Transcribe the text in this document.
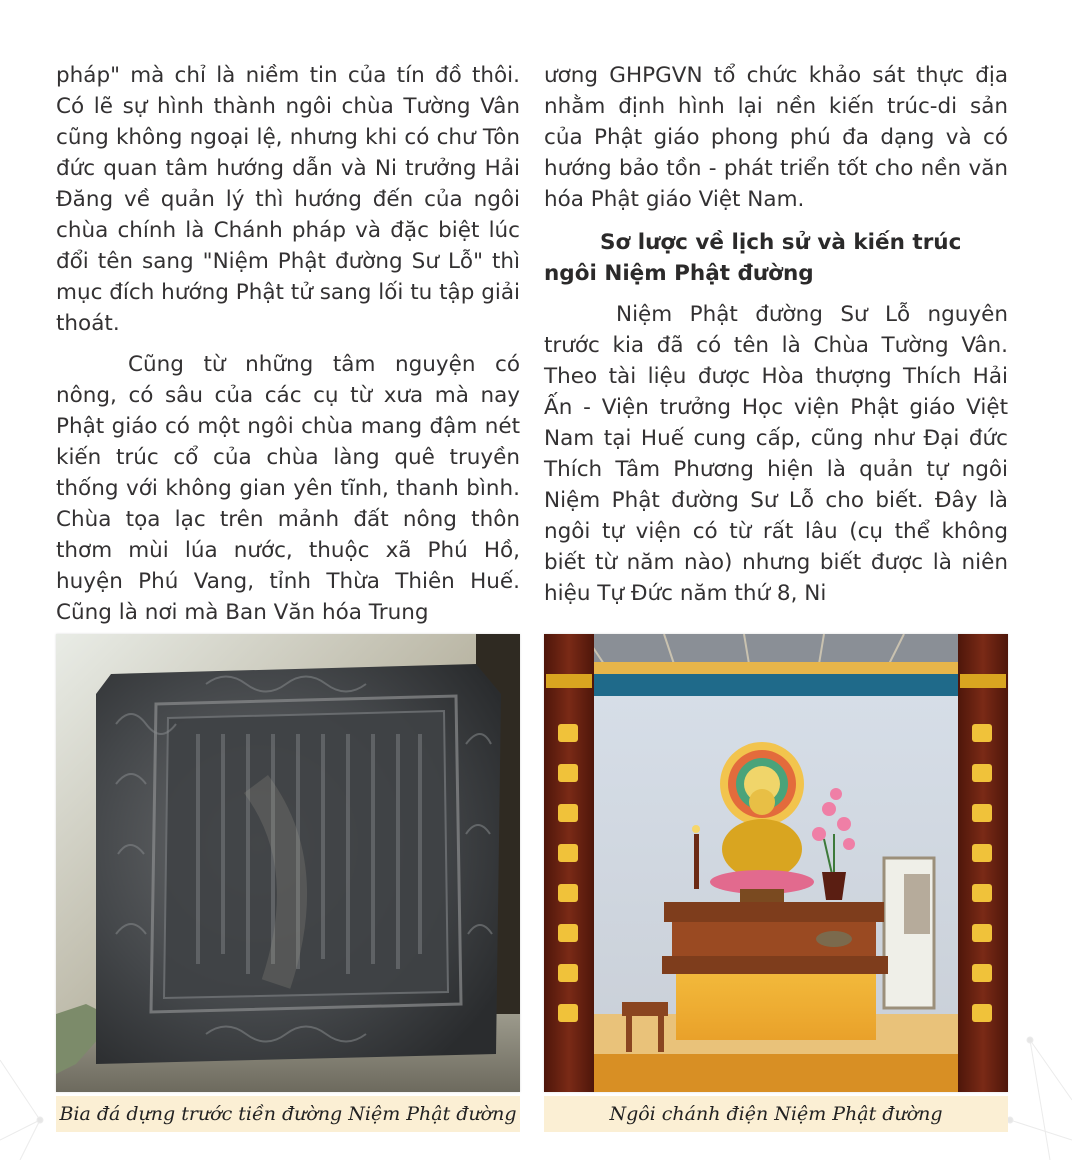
pháp" mà chỉ là niềm tin của tín đồ thôi. Có lẽ sự hình thành ngôi chùa Tường Vân cũng không ngoại lệ, nhưng khi có chư Tôn đức quan tâm hướng dẫn và Ni trưởng Hải Đăng về quản lý thì hướng đến của ngôi chùa chính là Chánh pháp và đặc biệt lúc đổi tên sang "Niệm Phật đường Sư Lỗ" thì mục đích hướng Phật tử sang lối tu tập giải thoát.

Cũng từ những tâm nguyện có nông, có sâu của các cụ từ xưa mà nay Phật giáo có một ngôi chùa mang đậm nét kiến trúc cổ của chùa làng quê truyền thống với không gian yên tĩnh, thanh bình. Chùa tọa lạc trên mảnh đất nông thôn thơm mùi lúa nước, thuộc xã Phú Hồ, huyện Phú Vang, tỉnh Thừa Thiên Huế. Cũng là nơi mà Ban Văn hóa Trung

ương GHPGVN tổ chức khảo sát thực địa nhằm định hình lại nền kiến trúc-di sản của Phật giáo phong phú đa dạng và có hướng bảo tồn - phát triển tốt cho nền văn hóa Phật giáo Việt Nam.

Sơ lược về lịch sử và kiến trúc ngôi Niệm Phật đường

Niệm Phật đường Sư Lỗ nguyên trước kia đã có tên là Chùa Tường Vân. Theo tài liệu được Hòa thượng Thích Hải Ấn - Viện trưởng Học viện Phật giáo Việt Nam tại Huế cung cấp, cũng như Đại đức Thích Tâm Phương hiện là quản tự ngôi Niệm Phật đường Sư Lỗ cho biết. Đây là ngôi tự viện có từ rất lâu (cụ thể không biết từ năm nào) nhưng biết được là niên hiệu Tự Đức năm thứ 8, Ni

Bia đá dựng trước tiền đường Niệm Phật đường	Ngôi chánh điện Niệm Phật đường
